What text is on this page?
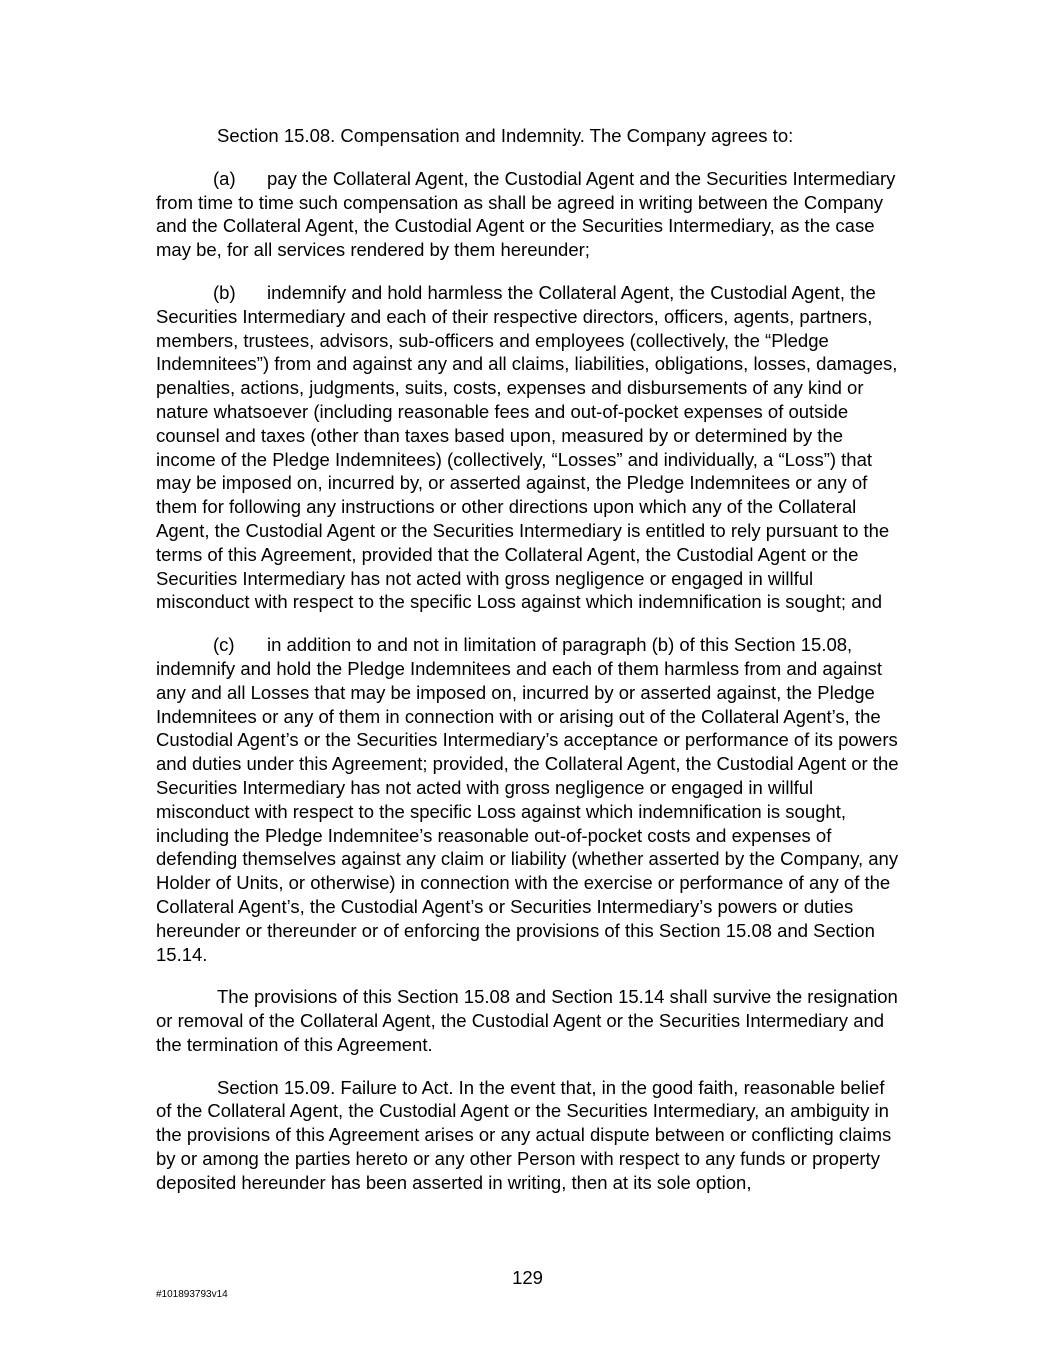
Section 15.08. Compensation and Indemnity. The Company agrees to:

(a) pay the Collateral Agent, the Custodial Agent and the Securities Intermediary from time to time such compensation as shall be agreed in writing between the Company and the Collateral Agent, the Custodial Agent or the Securities Intermediary, as the case may be, for all services rendered by them hereunder;

(b) indemnify and hold harmless the Collateral Agent, the Custodial Agent, the Securities Intermediary and each of their respective directors, officers, agents, partners, members, trustees, advisors, sub-officers and employees (collectively, the “Pledge Indemnitees”) from and against any and all claims, liabilities, obligations, losses, damages, penalties, actions, judgments, suits, costs, expenses and disbursements of any kind or nature whatsoever (including reasonable fees and out-of-pocket expenses of outside counsel and taxes (other than taxes based upon, measured by or determined by the income of the Pledge Indemnitees) (collectively, “Losses” and individually, a “Loss”) that may be imposed on, incurred by, or asserted against, the Pledge Indemnitees or any of them for following any instructions or other directions upon which any of the Collateral Agent, the Custodial Agent or the Securities Intermediary is entitled to rely pursuant to the terms of this Agreement, provided that the Collateral Agent, the Custodial Agent or the Securities Intermediary has not acted with gross negligence or engaged in willful misconduct with respect to the specific Loss against which indemnification is sought; and

(c) in addition to and not in limitation of paragraph (b) of this Section 15.08, indemnify and hold the Pledge Indemnitees and each of them harmless from and against any and all Losses that may be imposed on, incurred by or asserted against, the Pledge Indemnitees or any of them in connection with or arising out of the Collateral Agent’s, the Custodial Agent’s or the Securities Intermediary’s acceptance or performance of its powers and duties under this Agreement; provided, the Collateral Agent, the Custodial Agent or the Securities Intermediary has not acted with gross negligence or engaged in willful misconduct with respect to the specific Loss against which indemnification is sought, including the Pledge Indemnitee’s reasonable out-of-pocket costs and expenses of defending themselves against any claim or liability (whether asserted by the Company, any Holder of Units, or otherwise) in connection with the exercise or performance of any of the Collateral Agent’s, the Custodial Agent’s or Securities Intermediary’s powers or duties hereunder or thereunder or of enforcing the provisions of this Section 15.08 and Section 15.14.

The provisions of this Section 15.08 and Section 15.14 shall survive the resignation or removal of the Collateral Agent, the Custodial Agent or the Securities Intermediary and the termination of this Agreement.

Section 15.09. Failure to Act. In the event that, in the good faith, reasonable belief of the Collateral Agent, the Custodial Agent or the Securities Intermediary, an ambiguity in the provisions of this Agreement arises or any actual dispute between or conflicting claims by or among the parties hereto or any other Person with respect to any funds or property deposited hereunder has been asserted in writing, then at its sole option,

129
#101893793v14
